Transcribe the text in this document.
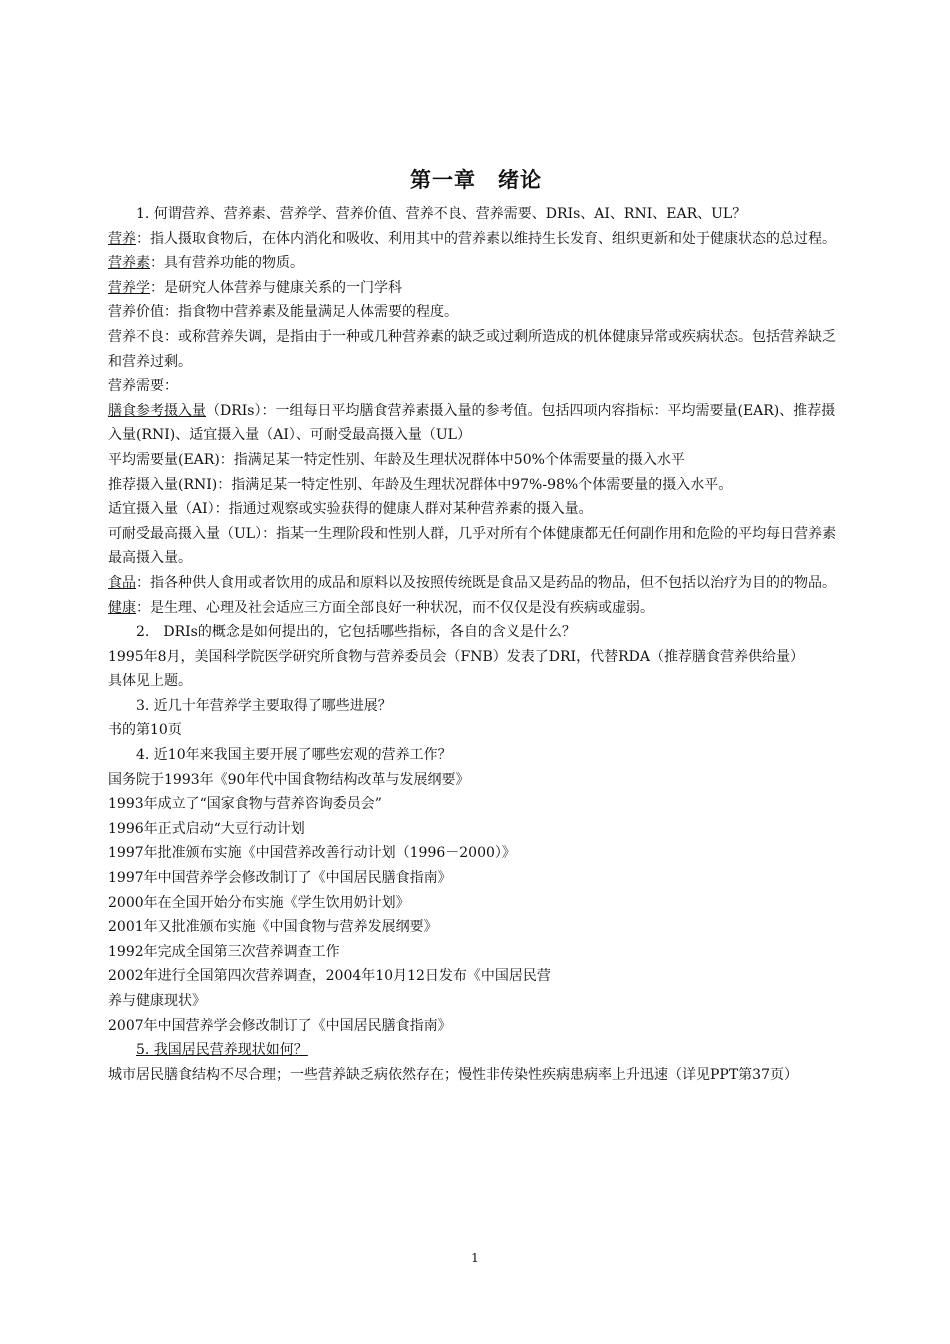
第一章　绪论

1. 何谓营养、营养素、营养学、营养价值、营养不良、营养需要、DRIs、AI、RNI、EAR、UL？

营养：指人摄取食物后，在体内消化和吸收、利用其中的营养素以维持生长发育、组织更新和处于健康状态的总过程。

营养素：具有营养功能的物质。

营养学：是研究人体营养与健康关系的一门学科

营养价值：指食物中营养素及能量满足人体需要的程度。

营养不良：或称营养失调，是指由于一种或几种营养素的缺乏或过剩所造成的机体健康异常或疾病状态。包括营养缺乏和营养过剩。

营养需要：

膳食参考摄入量（DRIs）：一组每日平均膳食营养素摄入量的参考值。包括四项内容指标：平均需要量(EAR)、推荐摄入量(RNI)、适宜摄入量（AI）、可耐受最高摄入量（UL）

平均需要量(EAR)：指满足某一特定性别、年龄及生理状况群体中50%个体需要量的摄入水平

推荐摄入量(RNI)：指满足某一特定性别、年龄及生理状况群体中97%-98%个体需要量的摄入水平。

适宜摄入量（AI）：指通过观察或实验获得的健康人群对某种营养素的摄入量。

可耐受最高摄入量（UL）：指某一生理阶段和性别人群，几乎对所有个体健康都无任何副作用和危险的平均每日营养素最高摄入量。

食品：指各种供人食用或者饮用的成品和原料以及按照传统既是食品又是药品的物品，但不包括以治疗为目的的物品。

健康：是生理、心理及社会适应三方面全部良好一种状况，而不仅仅是没有疾病或虚弱。

2.　DRIs的概念是如何提出的，它包括哪些指标，各自的含义是什么？

1995年8月，美国科学院医学研究所食物与营养委员会（FNB）发表了DRI，代替RDA（推荐膳食营养供给量）

具体见上题。

3. 近几十年营养学主要取得了哪些进展？

书的第10页

4. 近10年来我国主要开展了哪些宏观的营养工作？

国务院于1993年《90年代中国食物结构改革与发展纲要》

1993年成立了“国家食物与营养咨询委员会”

1996年正式启动“大豆行动计划

1997年批准颁布实施《中国营养改善行动计划（1996－2000）》

1997年中国营养学会修改制订了《中国居民膳食指南》

2000年在全国开始分布实施《学生饮用奶计划》

2001年又批准颁布实施《中国食物与营养发展纲要》

1992年完成全国第三次营养调查工作

2002年进行全国第四次营养调查，2004年10月12日发布《中国居民营

养与健康现状》

2007年中国营养学会修改制订了《中国居民膳食指南》

5. 我国居民营养现状如何？

城市居民膳食结构不尽合理；一些营养缺乏病依然存在；慢性非传染性疾病患病率上升迅速（详见PPT第37页）

1
